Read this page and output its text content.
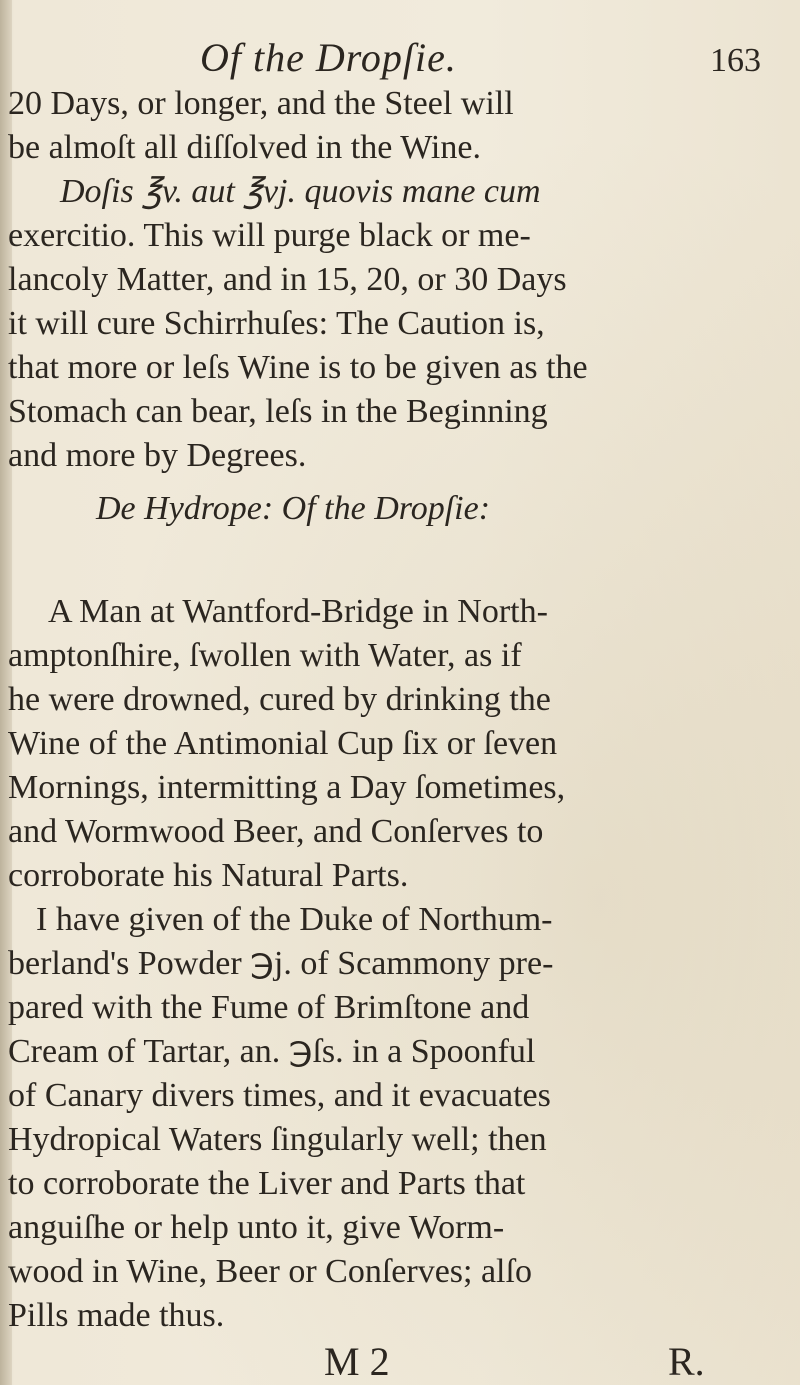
Of the Dropſie.	163
20 Days, or longer, and the Steel will
be almoſt all diſſolved in the Wine.
Doſis ℥v. aut ℥vj. quovis mane cum
exercitio. This will purge black or me-
lancoly Matter, and in 15, 20, or 30 Days
it will cure Schirrhuſes: The Caution is,
that more or leſs Wine is to be given as the
Stomach can bear, leſs in the Beginning
and more by Degrees.
De Hydrope: Of the Dropſie:
A Man at Wantford-Bridge in North-
amptonſhire, ſwollen with Water, as if
he were drowned, cured by drinking the
Wine of the Antimonial Cup ſix or ſeven
Mornings, intermitting a Day ſometimes,
and Wormwood Beer, and Conſerves to
corroborate his Natural Parts.
I have given of the Duke of Northum-
berland's Powder ℈j. of Scammony pre-
pared with the Fume of Brimſtone and
Cream of Tartar, an. ℈ſs. in a Spoonful
of Canary divers times, and it evacuates
Hydropical Waters ſingularly well; then
to corroborate the Liver and Parts that
anguiſhe or help unto it, give Worm-
wood in Wine, Beer or Conſerves; alſo
Pills made thus.
M 2	R.
